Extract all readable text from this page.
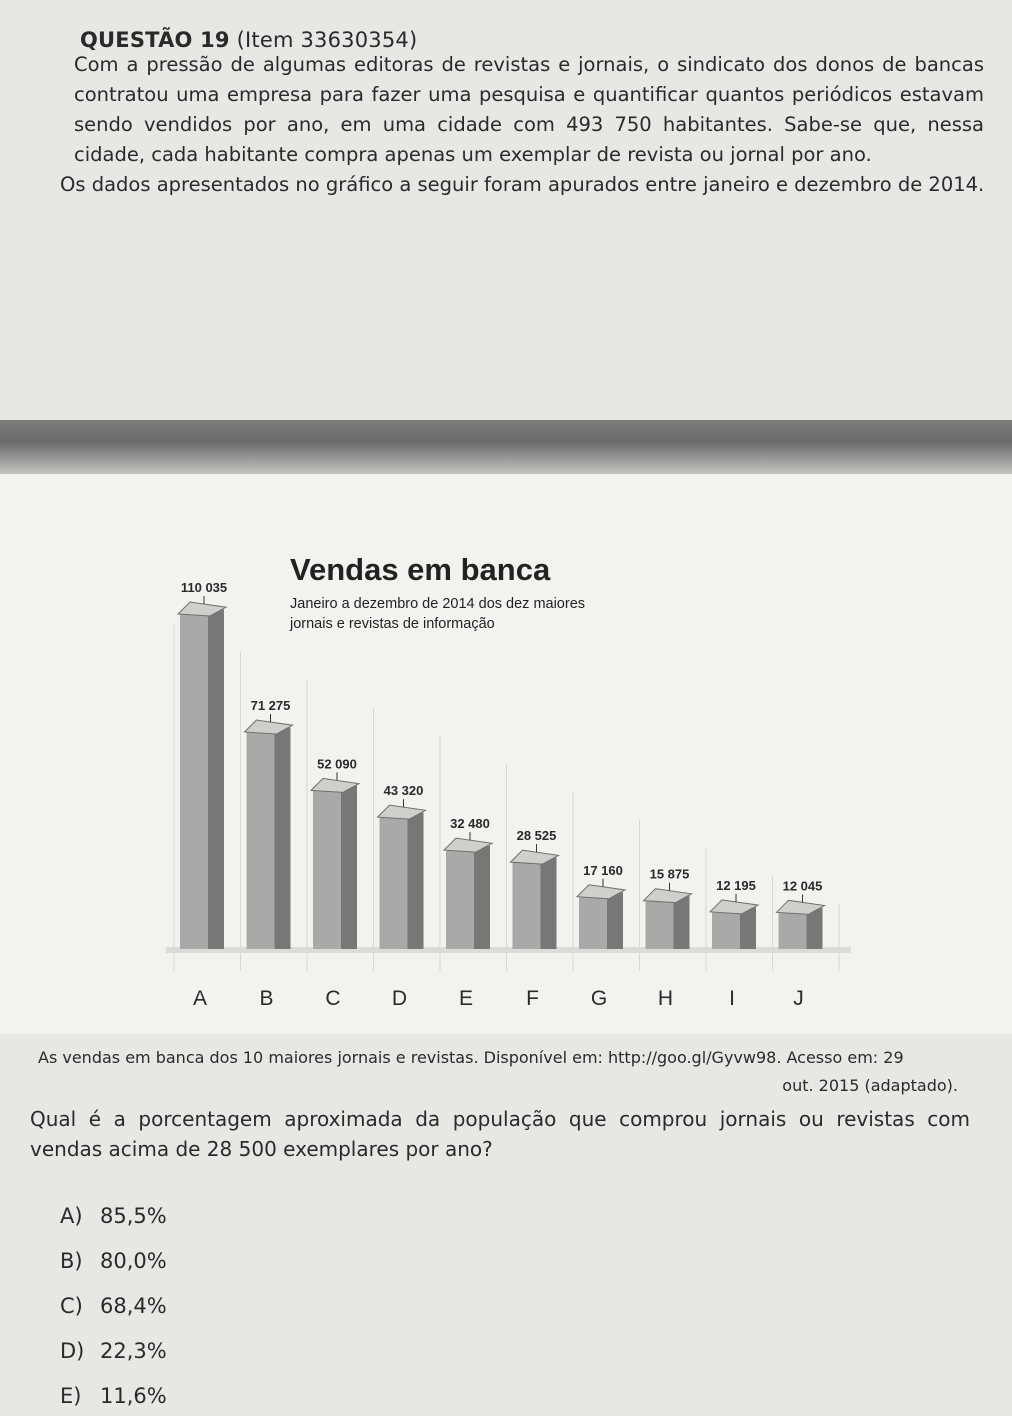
QUESTÃO 19 (Item 33630354)

Com a pressão de algumas editoras de revistas e jornais, o sindicato dos donos de bancas contratou uma empresa para fazer uma pesquisa e quantificar quantos periódicos estavam sendo vendidos por ano, em uma cidade com 493 750 habitantes. Sabe-se que, nessa cidade, cada habitante compra apenas um exemplar de revista ou jornal por ano.

Os dados apresentados no gráfico a seguir foram apurados entre janeiro e dezembro de 2014.

110 035
A
71 275
B
52 090
C
43 320
D
32 480
E
28 525
F
17 160
G
15 875
H
12 195
I
12 045
J
Vendas em banca
Janeiro a dezembro de 2014 dos dez maiores jornais e revistas de informação

As vendas em banca dos 10 maiores jornais e revistas. Disponível em: http://goo.gl/Gyvw98. Acesso em: 29
out. 2015 (adaptado).

Qual é a porcentagem aproximada da população que comprou jornais ou revistas com vendas acima de 28 500 exemplares por ano?

A) 85,5%
B) 80,0%
C) 68,4%
D) 22,3%
E) 11,6%
